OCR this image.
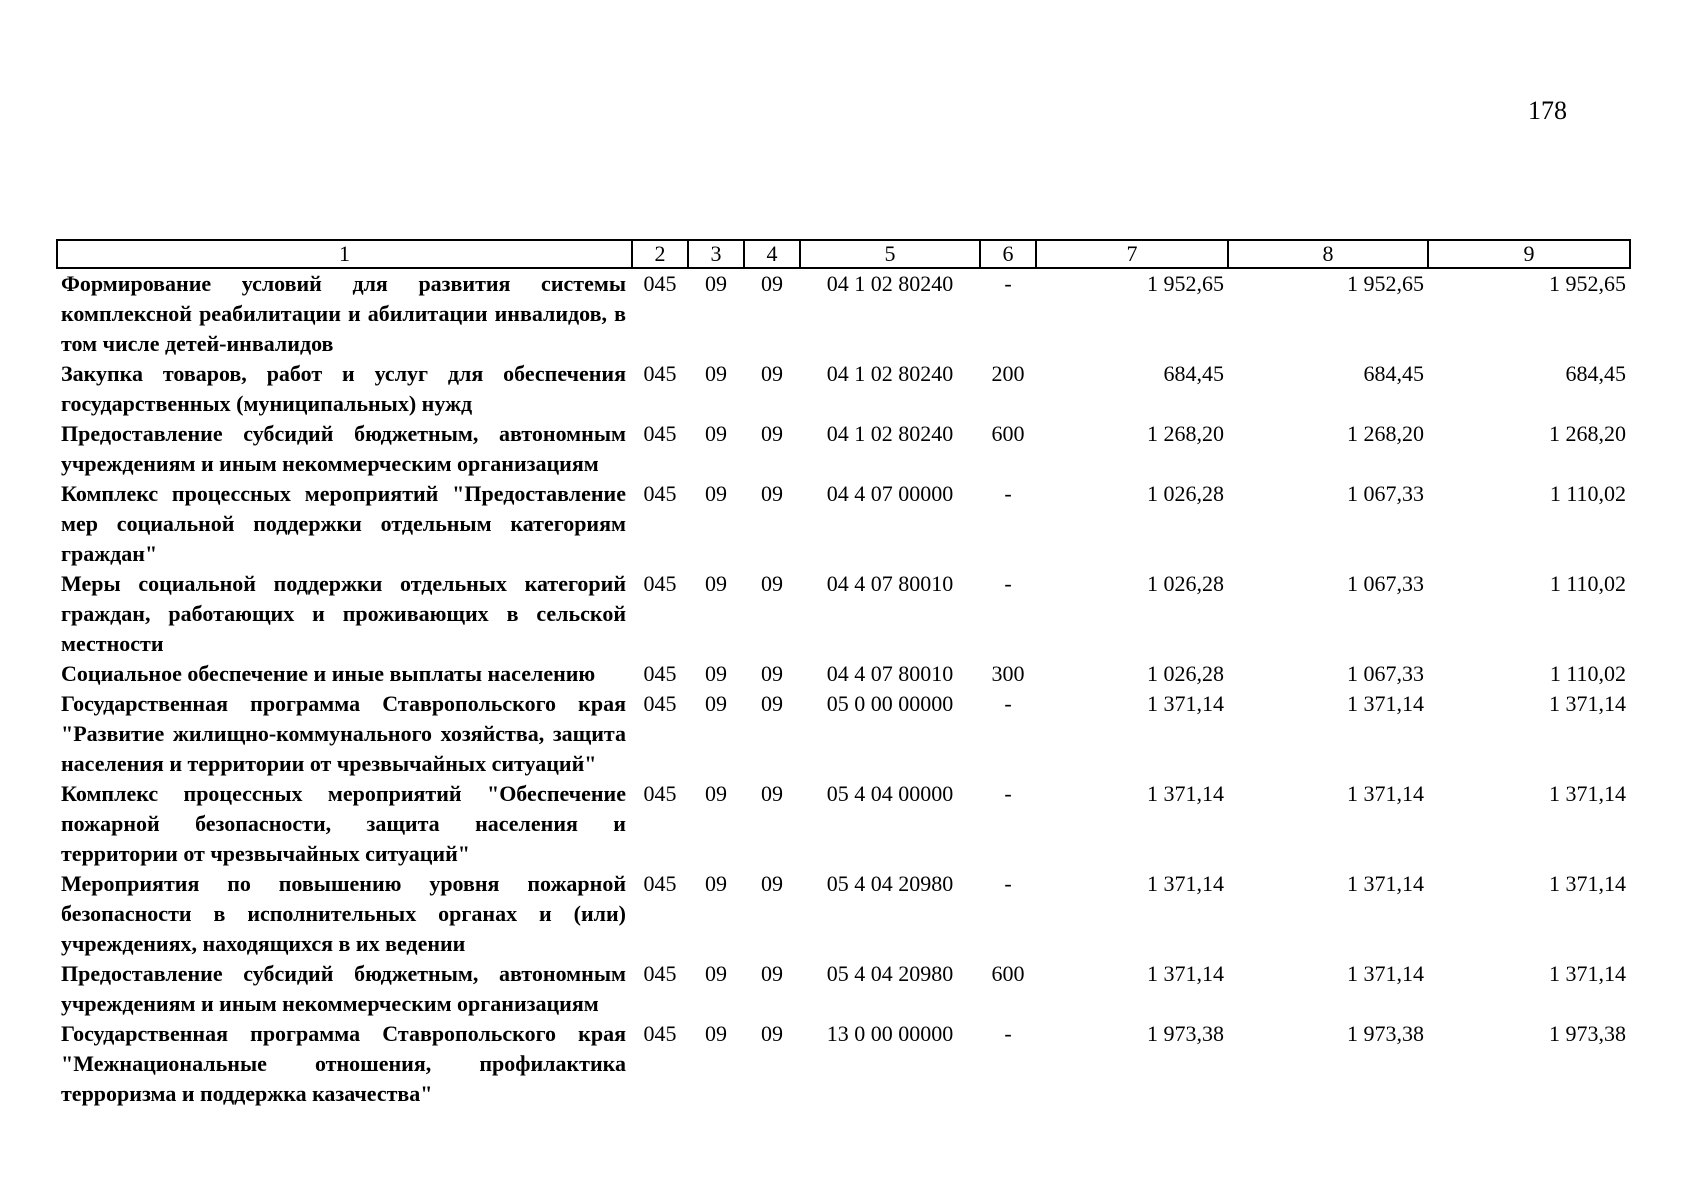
178
1	2	3	4	5	6	7	8	9
Формирование условий для развития системы комплексной реабилитации и абилитации инвалидов, в том числе детей-инвалидов	045	09	09	04 1 02 80240	-	1 952,65	1 952,65	1 952,65
Закупка товаров, работ и услуг для обеспечения государственных (муниципальных) нужд	045	09	09	04 1 02 80240	200	684,45	684,45	684,45
Предоставление субсидий бюджетным, автономным учреждениям и иным некоммерческим организациям	045	09	09	04 1 02 80240	600	1 268,20	1 268,20	1 268,20
Комплекс процессных мероприятий "Предоставление мер социальной поддержки отдельным категориям граждан"	045	09	09	04 4 07 00000	-	1 026,28	1 067,33	1 110,02
Меры социальной поддержки отдельных категорий граждан, работающих и проживающих в сельской местности	045	09	09	04 4 07 80010	-	1 026,28	1 067,33	1 110,02
Социальное обеспечение и иные выплаты населению	045	09	09	04 4 07 80010	300	1 026,28	1 067,33	1 110,02
Государственная программа Ставропольского края "Развитие жилищно-коммунального хозяйства, защита населения и территории от чрезвычайных ситуаций"	045	09	09	05 0 00 00000	-	1 371,14	1 371,14	1 371,14
Комплекс процессных мероприятий "Обеспечение пожарной безопасности, защита населения и территории от чрезвычайных ситуаций"	045	09	09	05 4 04 00000	-	1 371,14	1 371,14	1 371,14
Мероприятия по повышению уровня пожарной безопасности в исполнительных органах и (или) учреждениях, находящихся в их ведении	045	09	09	05 4 04 20980	-	1 371,14	1 371,14	1 371,14
Предоставление субсидий бюджетным, автономным учреждениям и иным некоммерческим организациям	045	09	09	05 4 04 20980	600	1 371,14	1 371,14	1 371,14
Государственная программа Ставропольского края "Межнациональные отношения, профилактика терроризма и поддержка казачества"	045	09	09	13 0 00 00000	-	1 973,38	1 973,38	1 973,38
